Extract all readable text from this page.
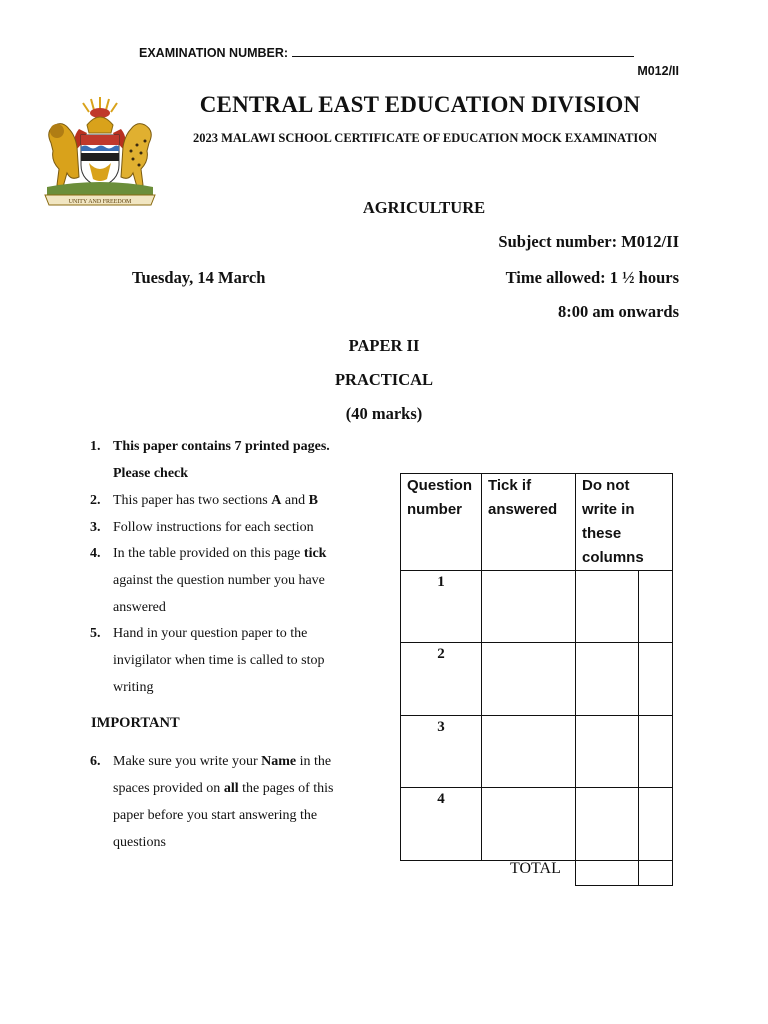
EXAMINATION NUMBER:
M012/II
UNITY AND FREEDOM
CENTRAL EAST EDUCATION DIVISION
2023 MALAWI SCHOOL CERTIFICATE OF EDUCATION MOCK EXAMINATION
AGRICULTURE
Subject number: M012/II
Tuesday, 14 March	Time allowed: 1 ½ hours
8:00 am onwards
PAPER II
PRACTICAL
(40 marks)
1. This paper contains 7 printed pages. Please check
2. This paper has two sections A and B
3. Follow instructions for each section
4. In the table provided on this page tick against the question number you have answered
5. Hand in your question paper to the invigilator when time is called to stop writing
IMPORTANT
6. Make sure you write your Name in the spaces provided on all the pages of this paper before you start answering the questions
Question number	Tick if answered	Do not write in these columns	
1			
2			
3			
4			

TOTAL
